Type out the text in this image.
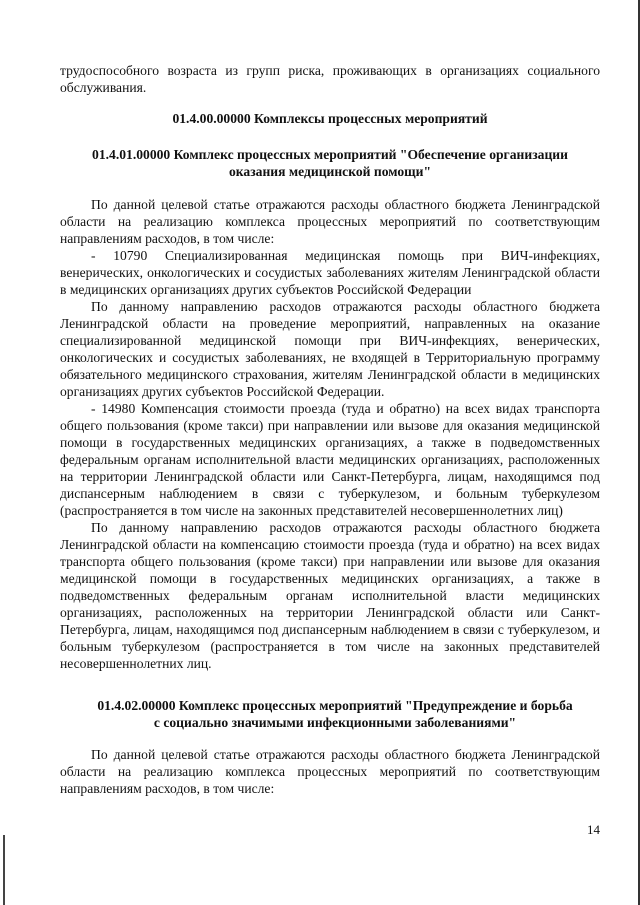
трудоспособного возраста из групп риска, проживающих в организациях социального обслуживания.

01.4.00.00000 Комплексы процессных мероприятий

01.4.01.00000 Комплекс процессных мероприятий "Обеспечение организации оказания медицинской помощи"

По данной целевой статье отражаются расходы областного бюджета Ленинградской области на реализацию комплекса процессных мероприятий по соответствующим направлениям расходов, в том числе:

- 10790 Специализированная медицинская помощь при ВИЧ-инфекциях, венерических, онкологических и сосудистых заболеваниях жителям Ленинградской области в медицинских организациях других субъектов Российской Федерации

По данному направлению расходов отражаются расходы областного бюджета Ленинградской области на проведение мероприятий, направленных на оказание специализированной медицинской помощи при ВИЧ-инфекциях, венерических, онкологических и сосудистых заболеваниях, не входящей в Территориальную программу обязательного медицинского страхования, жителям Ленинградской области в медицинских организациях других субъектов Российской Федерации.

- 14980 Компенсация стоимости проезда (туда и обратно) на всех видах транспорта общего пользования (кроме такси) при направлении или вызове для оказания медицинской помощи в государственных медицинских организациях, а также в подведомственных федеральным органам исполнительной власти медицинских организациях, расположенных на территории Ленинградской области или Санкт-Петербурга, лицам, находящимся под диспансерным наблюдением в связи с туберкулезом, и больным туберкулезом (распространяется в том числе на законных представителей несовершеннолетних лиц)

По данному направлению расходов отражаются расходы областного бюджета Ленинградской области на компенсацию стоимости проезда (туда и обратно) на всех видах транспорта общего пользования (кроме такси) при направлении или вызове для оказания медицинской помощи в государственных медицинских организациях, а также в подведомственных федеральным органам исполнительной власти медицинских организациях, расположенных на территории Ленинградской области или Санкт-Петербурга, лицам, находящимся под диспансерным наблюдением в связи с туберкулезом, и больным туберкулезом (распространяется в том числе на законных представителей несовершеннолетних лиц.

01.4.02.00000 Комплекс процессных мероприятий "Предупреждение и борьба с социально значимыми инфекционными заболеваниями"

По данной целевой статье отражаются расходы областного бюджета Ленинградской области на реализацию комплекса процессных мероприятий по соответствующим направлениям расходов, в том числе:

14
